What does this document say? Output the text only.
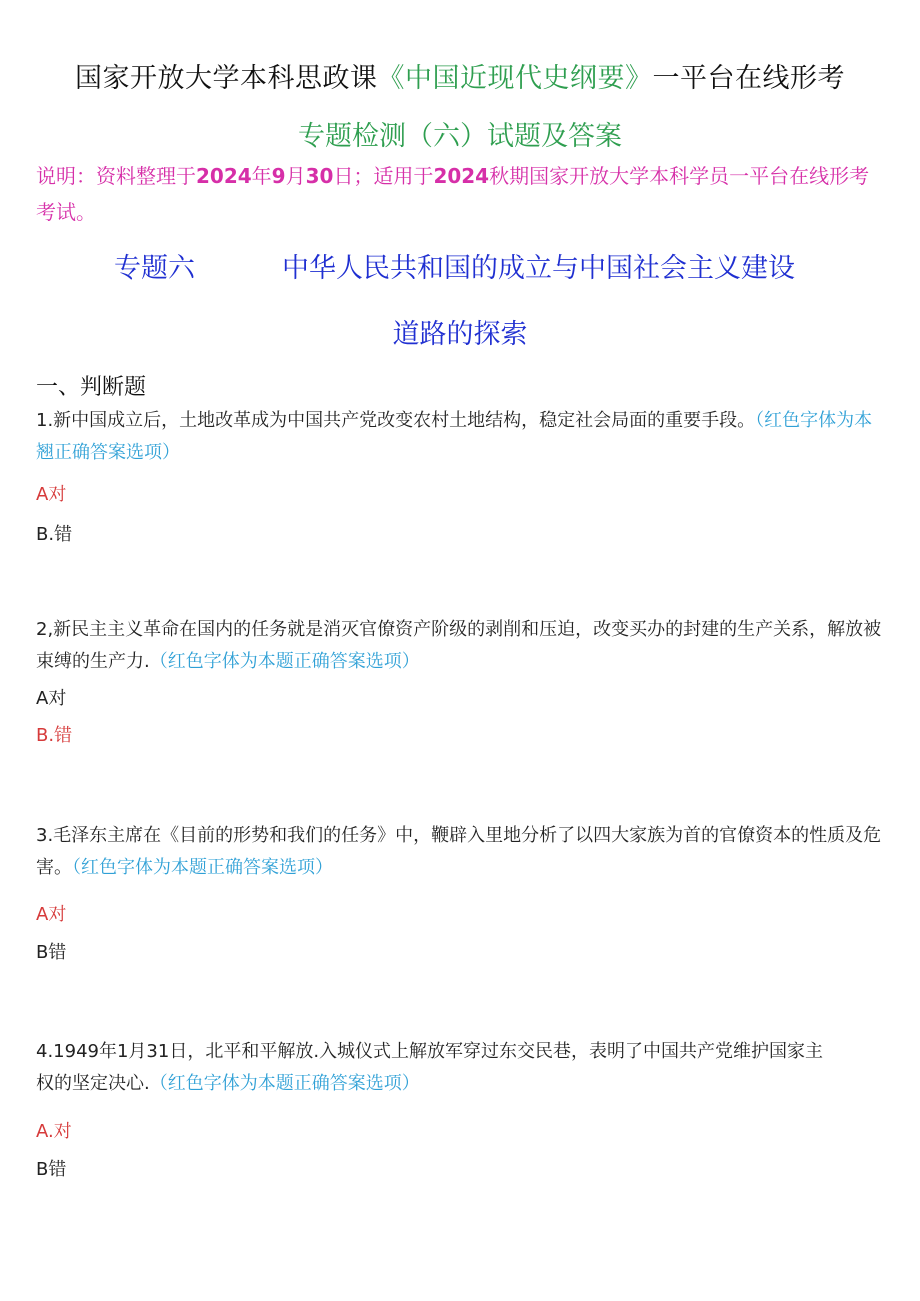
国家开放大学本科思政课《中国近现代史纲要》一平台在线形考
专题检测（六）试题及答案
说明：资料整理于2024年9月30日；适用于2024秋期国家开放大学本科学员一平台在线形考考试。
专题六	中华人民共和国的成立与中国社会主义建设
道路的探索
一、判断题
1.新中国成立后，土地改革成为中国共产党改变农村土地结构，稳定社会局面的重要手段。（红色字体为本翘正确答案选项）
A对
B.错
2,新民主主义革命在国内的任务就是消灭官僚资产阶级的剥削和压迫，改变买办的封建的生产关系，解放被束缚的生产力.（红色字体为本题正确答案选项）
A对
B.错
3.毛泽东主席在《目前的形势和我们的任务》中，鞭辟入里地分析了以四大家族为首的官僚资本的性质及危害。（红色字体为本题正确答案选项）
A对
B错
4.1949年1月31日，北平和平解放.入城仪式上解放军穿过东交民巷，表明了中国共产党维护国家主权的坚定决心.（红色字体为本题正确答案选项）
A.对
B错
